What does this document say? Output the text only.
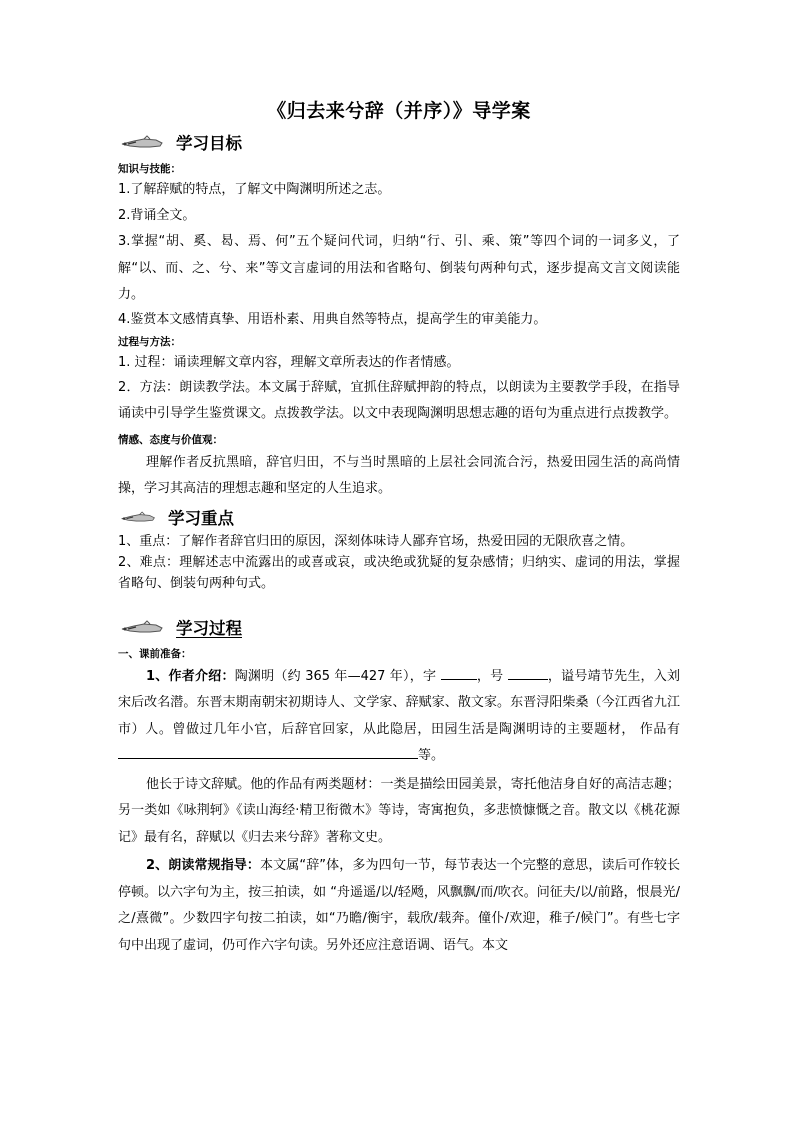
《归去来兮辞（并序）》导学案
学习目标
知识与技能：

1.了解辞赋的特点，了解文中陶渊明所述之志。

2.背诵全文。

3.掌握“胡、奚、曷、焉、何”五个疑问代词，归纳“行、引、乘、策”等四个词的一词多义，了解“以、而、之、兮、来”等文言虚词的用法和省略句、倒装句两种句式，逐步提高文言文阅读能力。

4.鉴赏本文感情真挚、用语朴素、用典自然等特点，提高学生的审美能力。

过程与方法：

1. 过程：诵读理解文章内容，理解文章所表达的作者情感。

2．方法：朗读教学法。本文属于辞赋，宜抓住辞赋押韵的特点，以朗读为主要教学手段，在指导诵读中引导学生鉴赏课文。点拨教学法。以文中表现陶渊明思想志趣的语句为重点进行点拨教学。

情感、态度与价值观：

理解作者反抗黑暗，辞官归田，不与当时黑暗的上层社会同流合污，热爱田园生活的高尚情操，学习其高洁的理想志趣和坚定的人生追求。

学习重点

1、重点：了解作者辞官归田的原因，深刻体味诗人鄙弃官场，热爱田园的无限欣喜之情。

2、难点：理解述志中流露出的或喜或哀，或决绝或犹疑的复杂感情；归纳实、虚词的用法，掌握省略句、倒装句两种句式。

学习过程
一、课前准备：

1、作者介绍：陶渊明（约 365 年—427 年），字	，号	，谥号靖节先生，入刘宋后改名潜。东晋末期南朝宋初期诗人、文学家、辞赋家、散文家。东晋浔阳柴桑（今江西省九江市）人。曾做过几年小官，后辞官回家，从此隐居，田园生活是陶渊明诗的主要题材， 作品有等。

他长于诗文辞赋。他的作品有两类题材：一类是描绘田园美景，寄托他洁身自好的高洁志趣；另一类如《咏荆轲》《读山海经·精卫衔微木》等诗，寄寓抱负，多悲愤慷慨之音。散文以《桃花源记》最有名，辞赋以《归去来兮辞》著称文史。

2、朗读常规指导：本文属“辞”体，多为四句一节，每节表达一个完整的意思，读后可作较长停顿。以六字句为主，按三拍读，如 “舟遥遥/以/轻飏，风飘飘/而/吹衣。问征夫/以/前路，恨晨光/之/熹微”。少数四字句按二拍读，如“乃瞻/衡宇，载欣/载奔。僮仆/欢迎，稚子/候门”。有些七字句中出现了虚词，仍可作六字句读。另外还应注意语调、语气。本文
